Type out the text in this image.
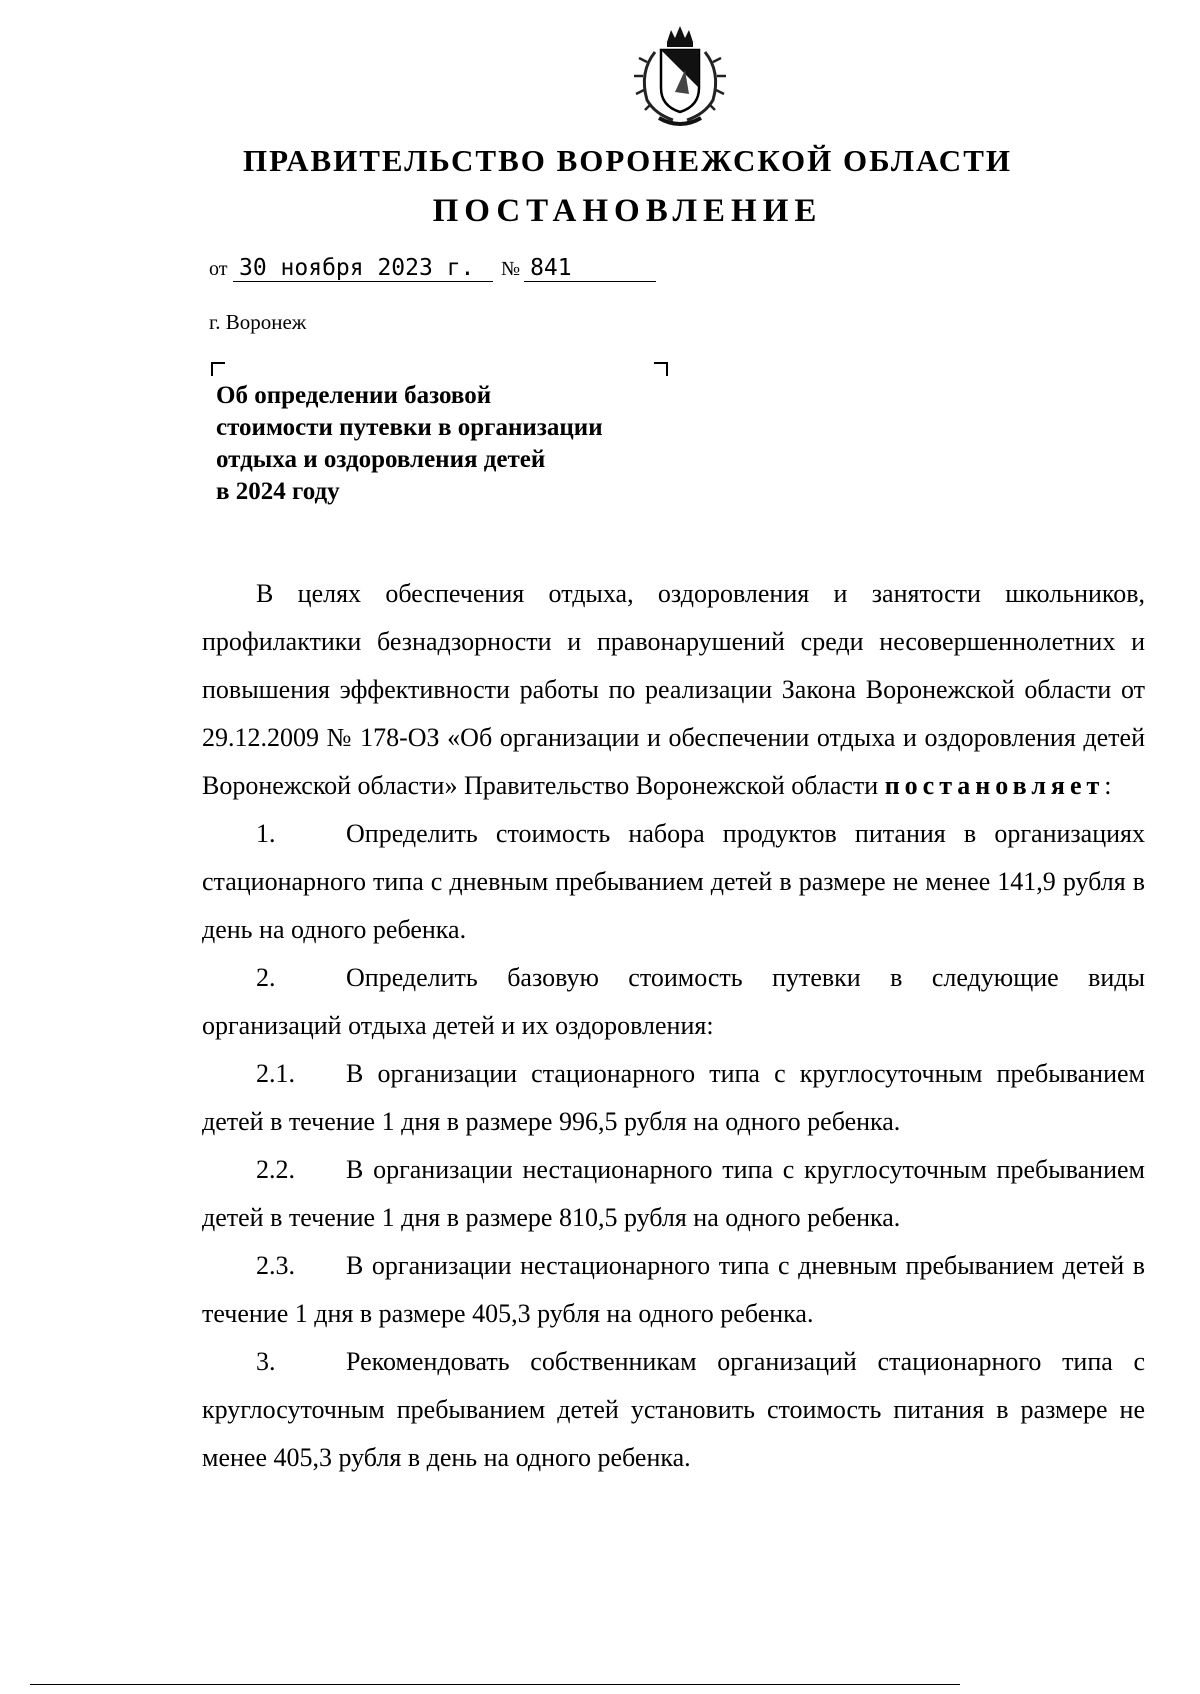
ПРАВИТЕЛЬСТВО ВОРОНЕЖСКОЙ ОБЛАСТИ
ПОСТАНОВЛЕНИЕ
от 30 ноября 2023 г. № 841
г. Воронеж
Об определении базовой
стоимости путевки в организации
отдыха и оздоровления детей
в 2024 году

В целях обеспечения отдыха, оздоровления и занятости школьников, профилактики безнадзорности и правонарушений среди несовершеннолетних и повышения эффективности работы по реализации Закона Воронежской области от 29.12.2009 № 178-ОЗ «Об организации и обеспечении отдыха и оздоровления детей Воронежской области» Правительство Воронежской области постановляет:

1.	Определить стоимость набора продуктов питания в организациях стационарного типа с дневным пребыванием детей в размере не менее 141,9 рубля в день на одного ребенка.

2.	Определить базовую стоимость путевки в следующие виды организаций отдыха детей и их оздоровления:

2.1. В организации стационарного типа с круглосуточным пребыванием детей в течение 1 дня в размере 996,5 рубля на одного ребенка.

2.2. В организации нестационарного типа с круглосуточным пребыванием детей в течение 1 дня в размере 810,5 рубля на одного ребенка.

2.3. В организации нестационарного типа с дневным пребыванием детей в течение 1 дня в размере 405,3 рубля на одного ребенка.

3.	Рекомендовать собственникам организаций стационарного типа с круглосуточным пребыванием детей установить стоимость питания в размере не менее 405,3 рубля в день на одного ребенка.
